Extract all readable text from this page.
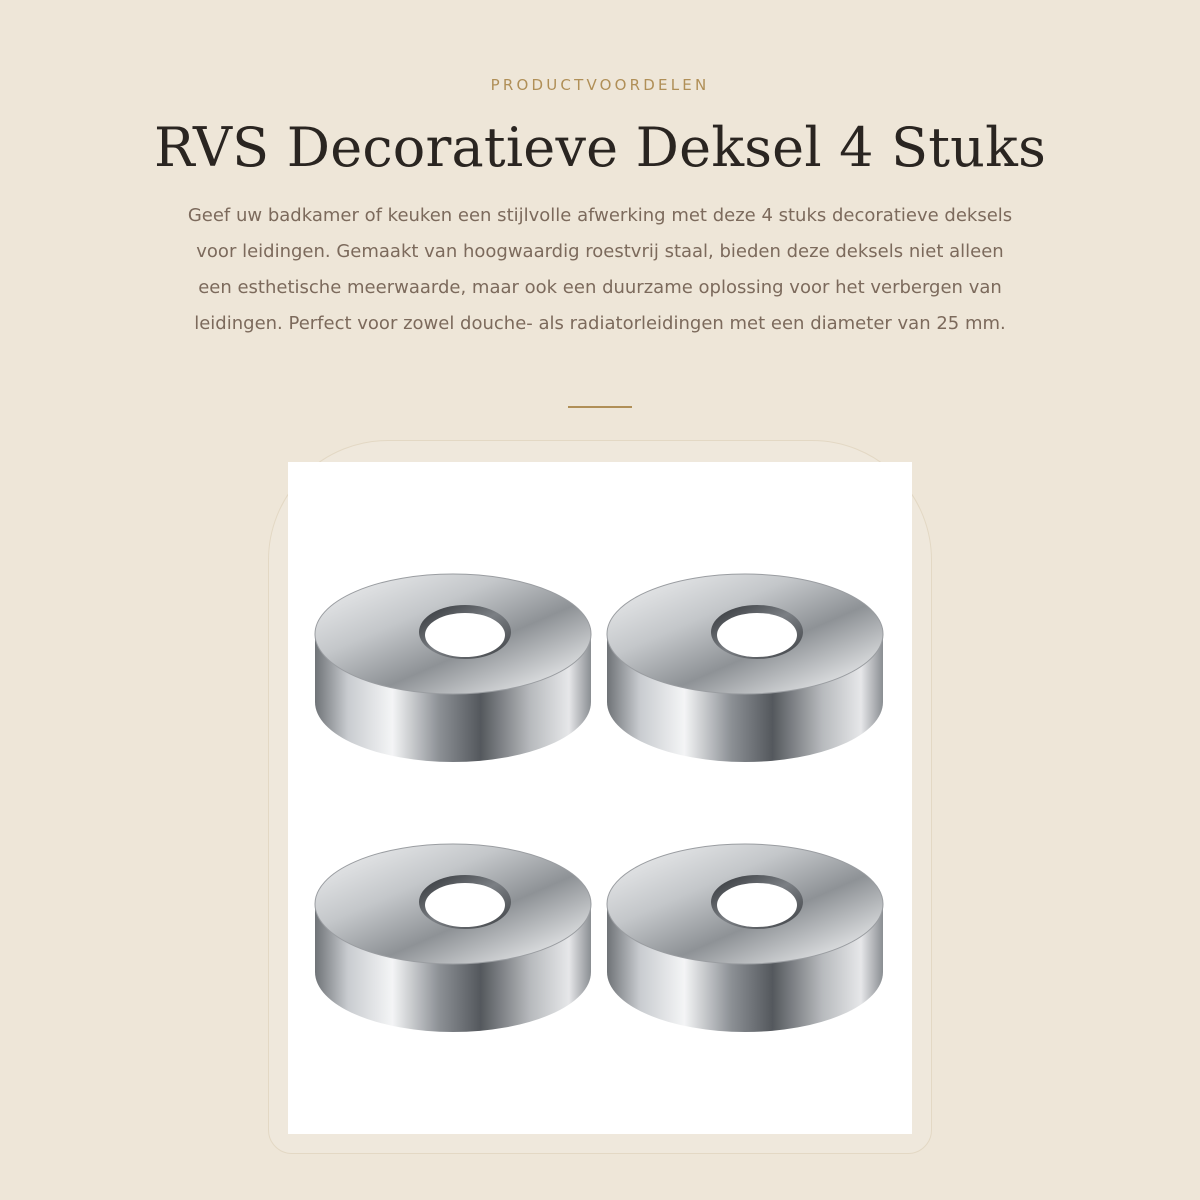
PRODUCTVOORDELEN
RVS Decoratieve Deksel 4 Stuks

Geef uw badkamer of keuken een stijlvolle afwerking met deze 4 stuks decoratieve deksels voor leidingen. Gemaakt van hoogwaardig roestvrij staal, bieden deze deksels niet alleen een esthetische meerwaarde, maar ook een duurzame oplossing voor het verbergen van leidingen. Perfect voor zowel douche- als radiatorleidingen met een diameter van 25 mm.
